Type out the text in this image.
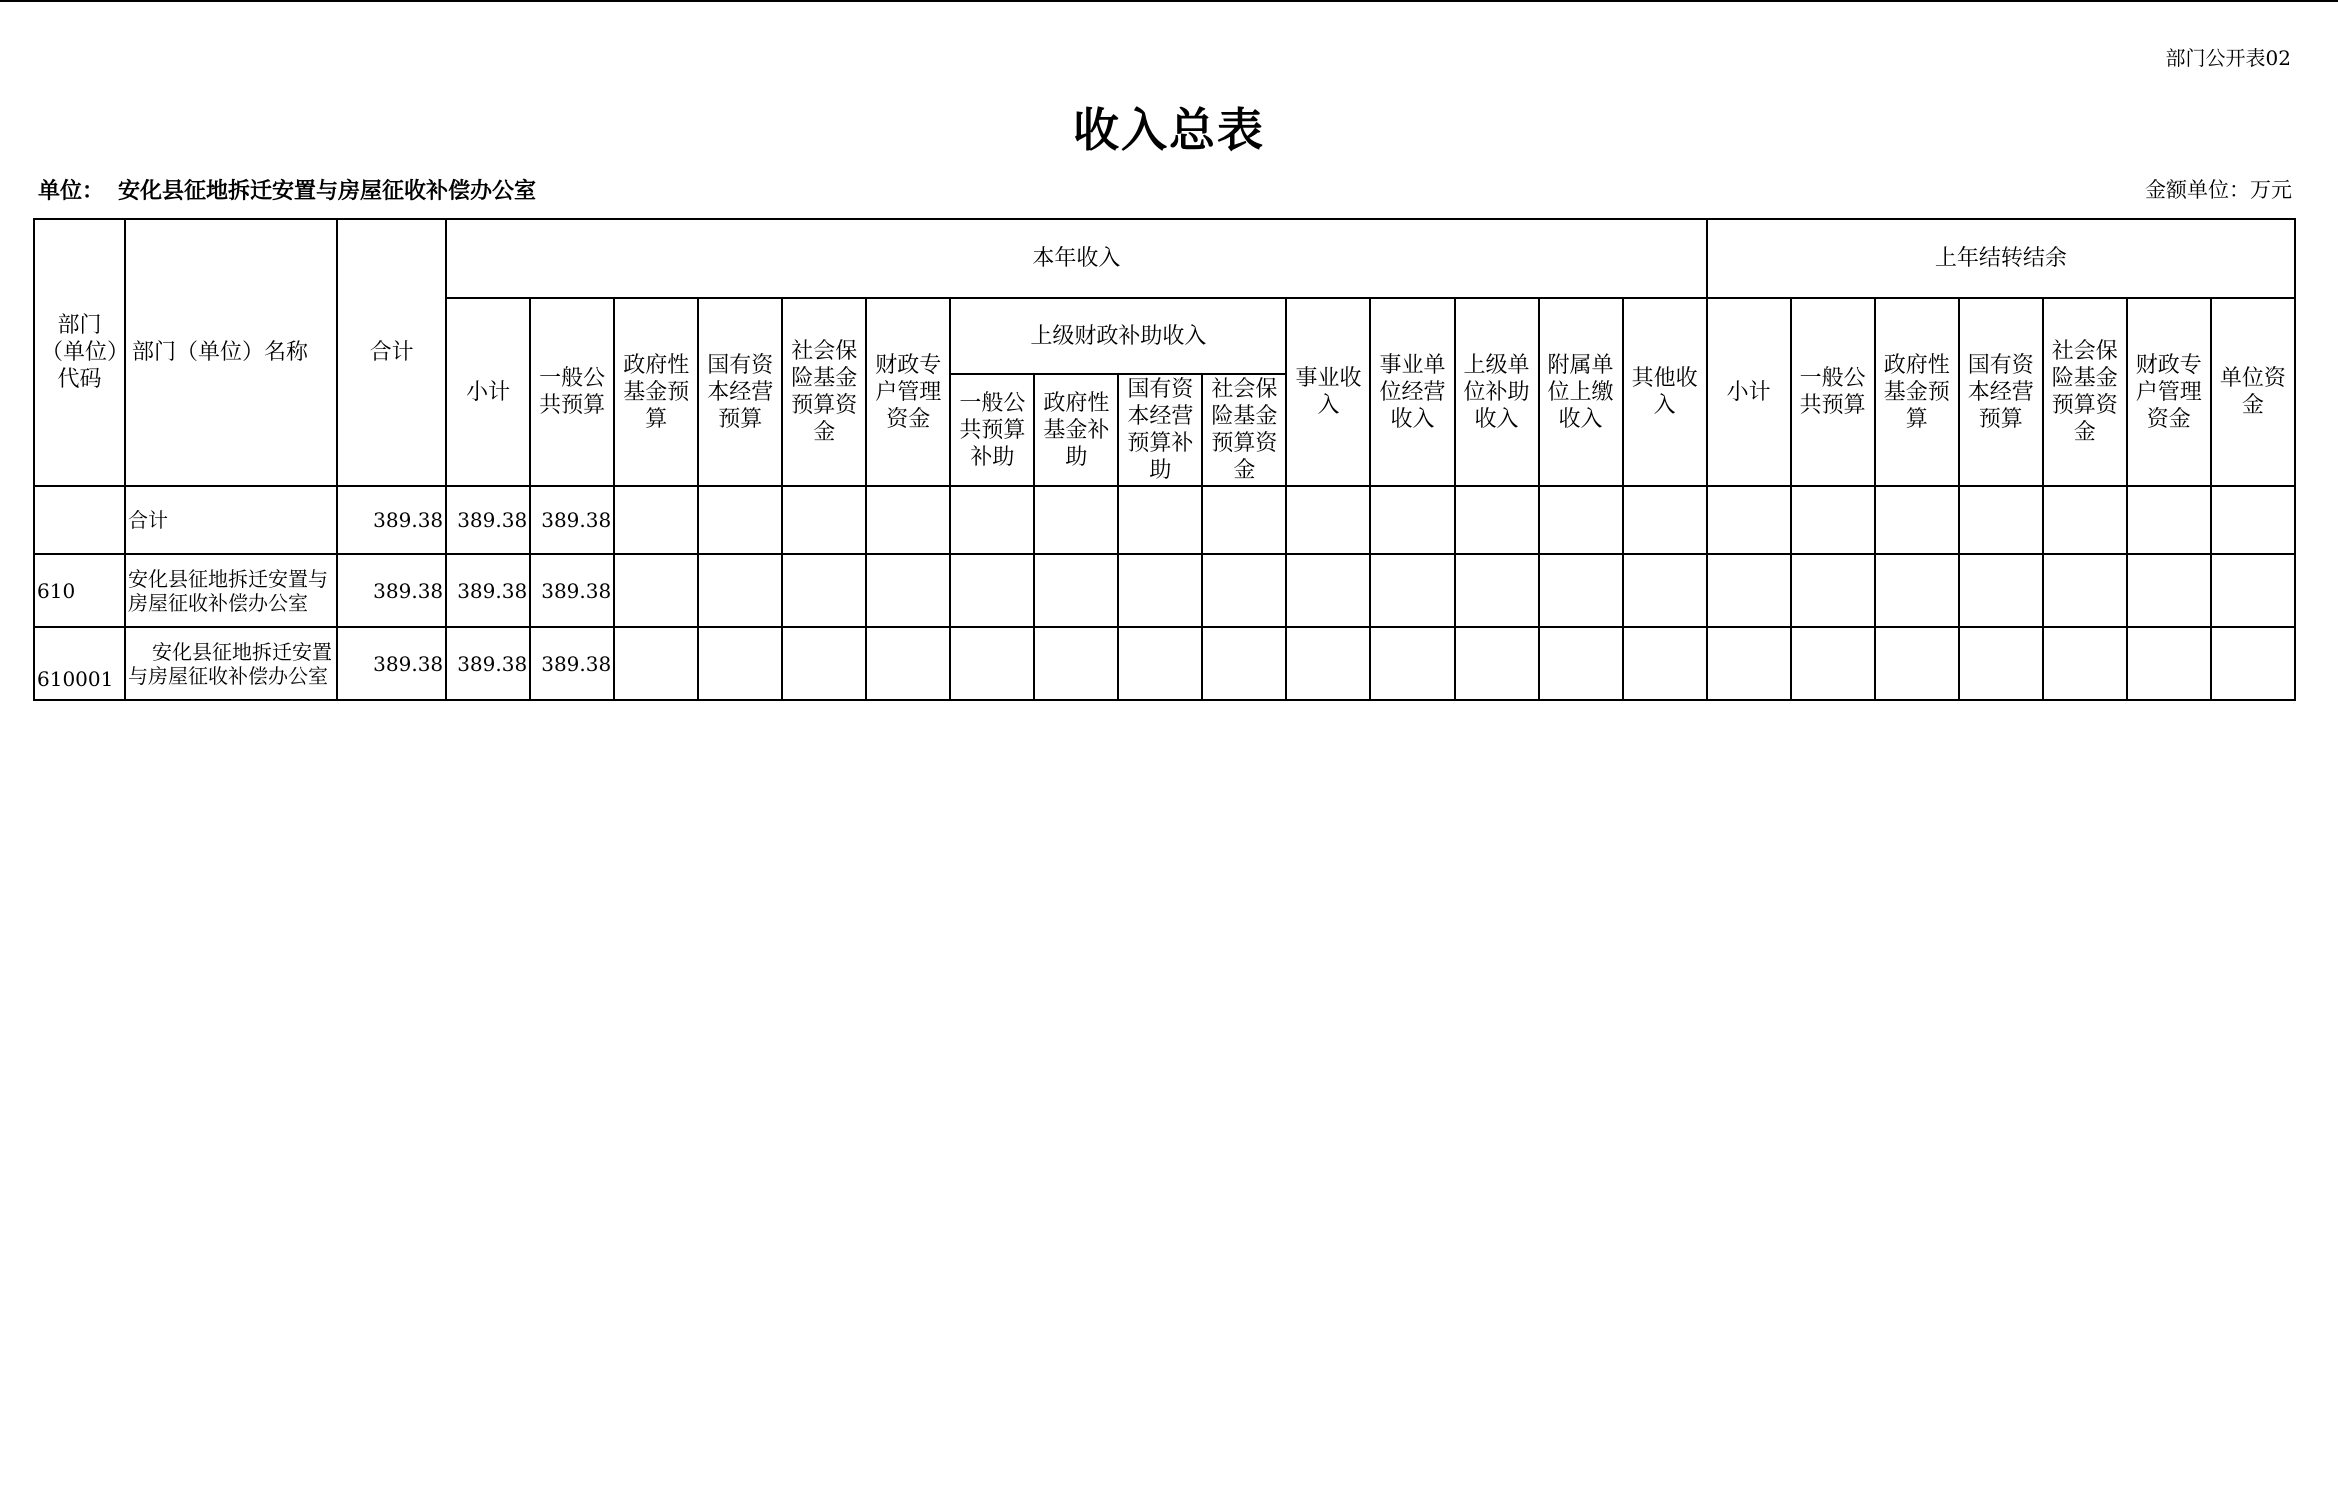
部门公开表02
收入总表
单位： 安化县征地拆迁安置与房屋征收补偿办公室	金额单位：万元
部门（单位）代码	部门（单位）名称	合计	本年收入															上年结转结余						
			小计	一般公共预算	政府性基金预算	国有资本经营预算	社会保险基金预算资金	财政专户管理资金	上级财政补助收入				事业收入	事业单位经营收入	上级单位补助收入	附属单位上缴收入	其他收入	小计	一般公共预算	政府性基金预算	国有资本经营预算	社会保险基金预算资金	财政专户管理资金	单位资金
									一般公共预算补助	政府性基金补助	国有资本经营预算补助	社会保险基金预算资金												
	合计	389.38	389.38	389.38																				
610	安化县征地拆迁安置与房屋征收补偿办公室	389.38	389.38	389.38																				
610001	安化县征地拆迁安置与房屋征收补偿办公室	389.38	389.38	389.38																				
